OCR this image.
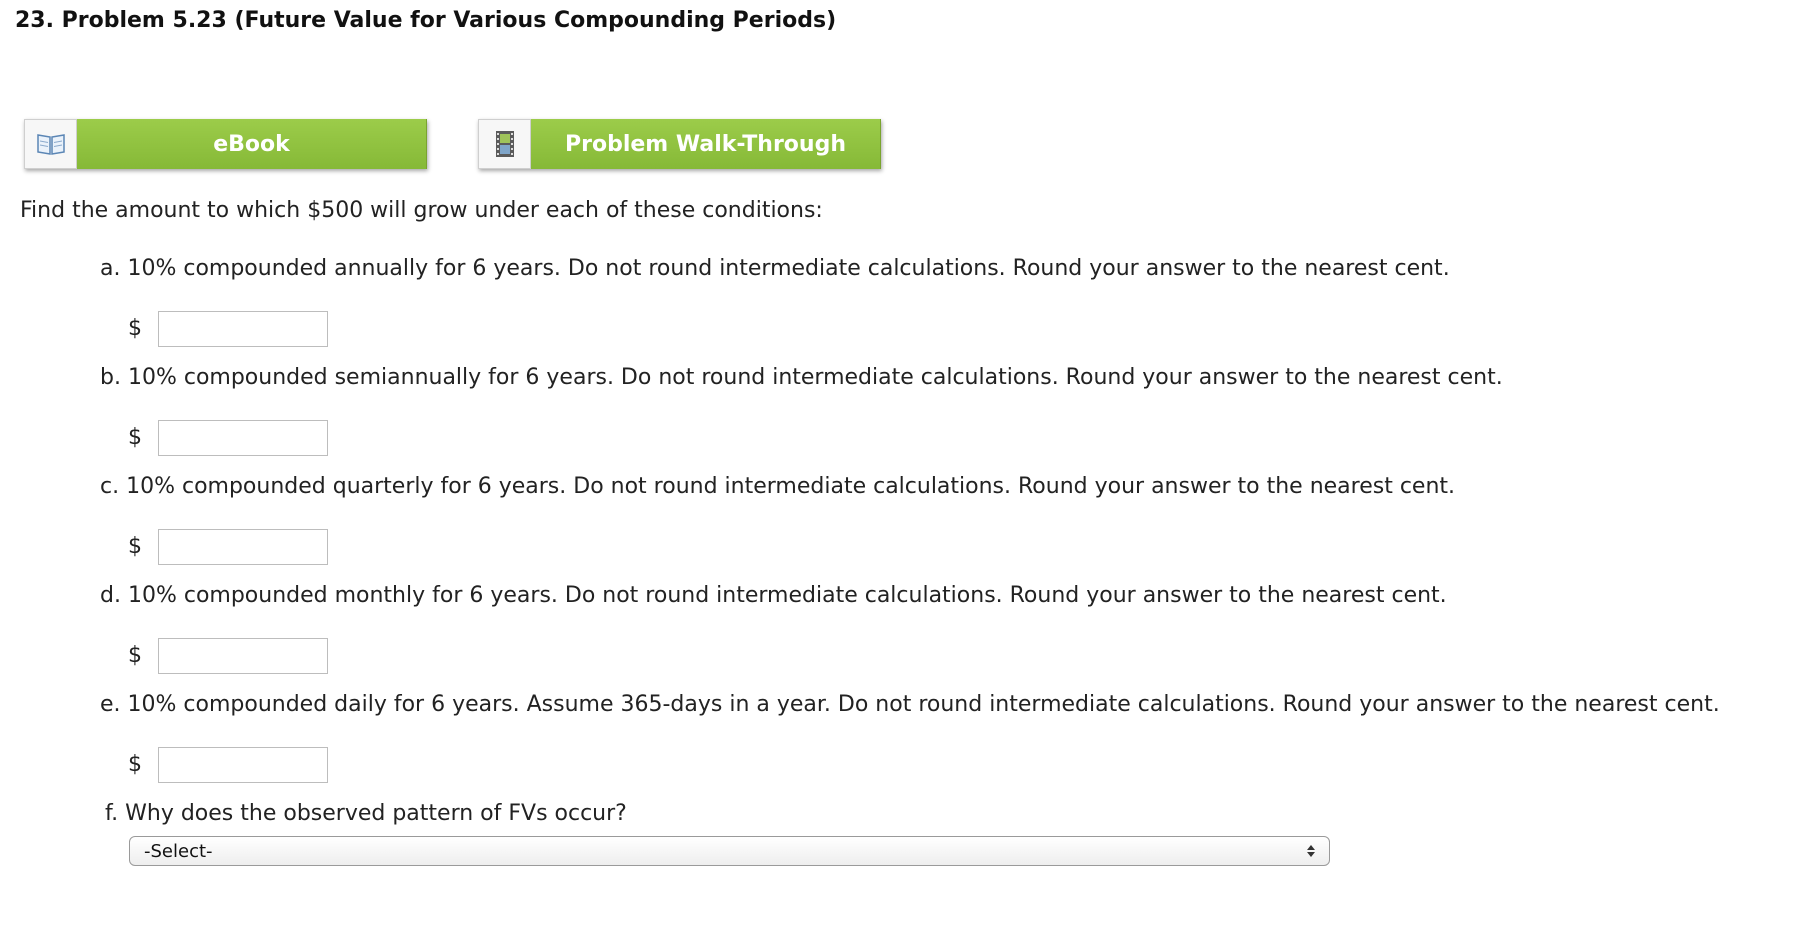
23. Problem 5.23 (Future Value for Various Compounding Periods)
eBook	Problem Walk-Through
Find the amount to which $500 will grow under each of these conditions:
a. 10% compounded annually for 6 years. Do not round intermediate calculations. Round your answer to the nearest cent.
$
b. 10% compounded semiannually for 6 years. Do not round intermediate calculations. Round your answer to the nearest cent.
$
c. 10% compounded quarterly for 6 years. Do not round intermediate calculations. Round your answer to the nearest cent.
$
d. 10% compounded monthly for 6 years. Do not round intermediate calculations. Round your answer to the nearest cent.
$
e. 10% compounded daily for 6 years. Assume 365-days in a year. Do not round intermediate calculations. Round your answer to the nearest cent.
$
f. Why does the observed pattern of FVs occur?
-Select-
